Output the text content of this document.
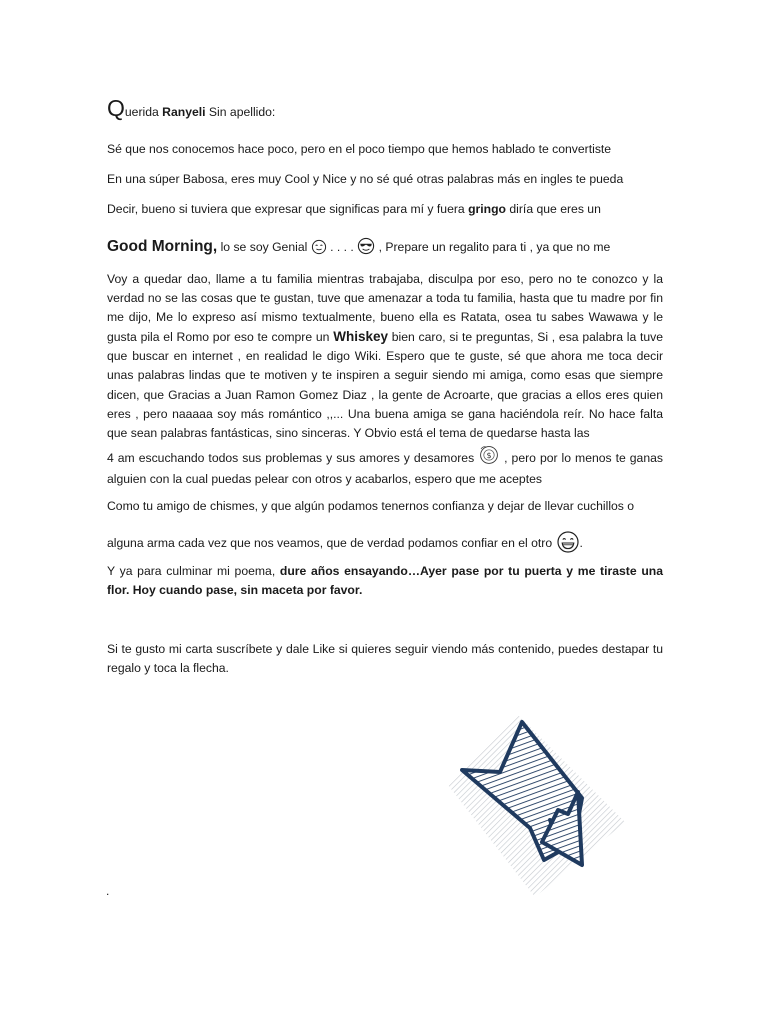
Querida Ranyeli Sin apellido:
Sé que nos conocemos hace poco, pero en el poco tiempo que hemos hablado te convertiste
En una súper Babosa, eres muy Cool y Nice y no sé qué otras palabras más en ingles te pueda
Decir, bueno si tuviera que expresar que significas para mí y fuera gringo diría que eres un
Good Morning, lo se soy Genial . . . . , Prepare un regalito para ti , ya que no me
Voy a quedar dao, llame a tu familia mientras trabajaba, disculpa por eso, pero no te conozco y la verdad no se las cosas que te gustan, tuve que amenazar a toda tu familia, hasta que tu madre por fin me dijo, Me lo expreso así mismo textualmente, bueno ella es Ratata, osea tu sabes Wawawa y le gusta pila el Romo por eso te compre un Whiskey bien caro, si te preguntas, Si , esa palabra la tuve que buscar en internet , en realidad le digo Wiki. Espero que te guste, sé que ahora me toca decir unas palabras lindas que te motiven y te inspiren a seguir siendo mi amiga, como esas que siempre dicen, que Gracias a Juan Ramon Gomez Diaz , la gente de Acroarte, que gracias a ellos eres quien eres , pero naaaaa soy más romántico ,,... Una buena amiga se gana haciéndola reír. No hace falta que sean palabras fantásticas, sino sinceras. Y Obvio está el tema de quedarse hasta las
4 am escuchando todos sus problemas y sus amores y desamores $ , pero por lo menos te ganas alguien con la cual puedas pelear con otros y acabarlos, espero que me aceptes
Como tu amigo de chismes, y que algún podamos tenernos confianza y dejar de llevar cuchillos o
alguna arma cada vez que nos veamos, que de verdad podamos confiar en el otro .
Y ya para culminar mi poema, dure años ensayando…Ayer pase por tu puerta y me tiraste una flor. Hoy cuando pase, sin maceta por favor.
Si te gusto mi carta suscríbete y dale Like si quieres seguir viendo más contenido, puedes destapar tu regalo y toca la flecha.
.
